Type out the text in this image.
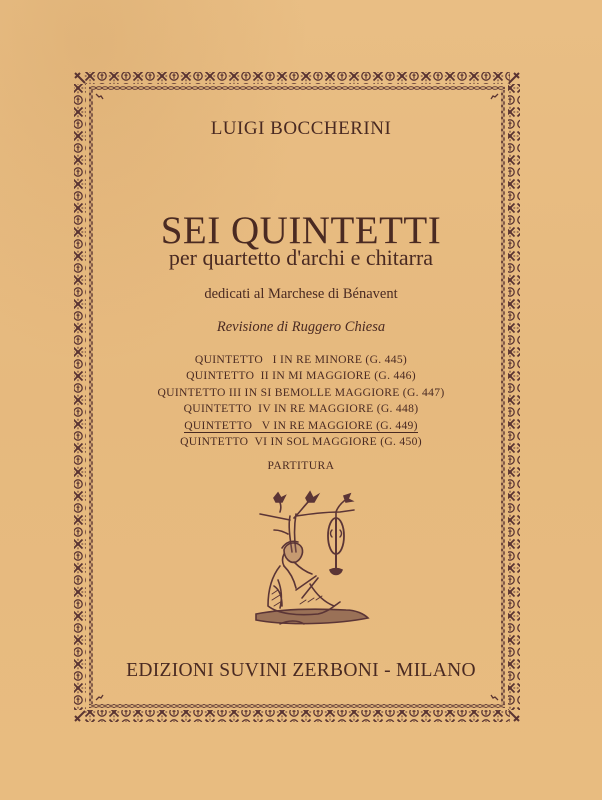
LUIGI BOCCHERINI
SEI QUINTETTI
per quartetto d'archi e chitarra
dedicati al Marchese di Bénavent
Revisione di Ruggero Chiesa
QUINTETTO   I IN RE MINORE (G. 445)
QUINTETTO  II IN MI MAGGIORE (G. 446)
QUINTETTO III IN SI BEMOLLE MAGGIORE (G. 447)
QUINTETTO  IV IN RE MAGGIORE (G. 448)
QUINTETTO   V IN RE MAGGIORE (G. 449)
QUINTETTO  VI IN SOL MAGGIORE (G. 450)
PARTITURA
EDIZIONI SUVINI ZERBONI - MILANO
